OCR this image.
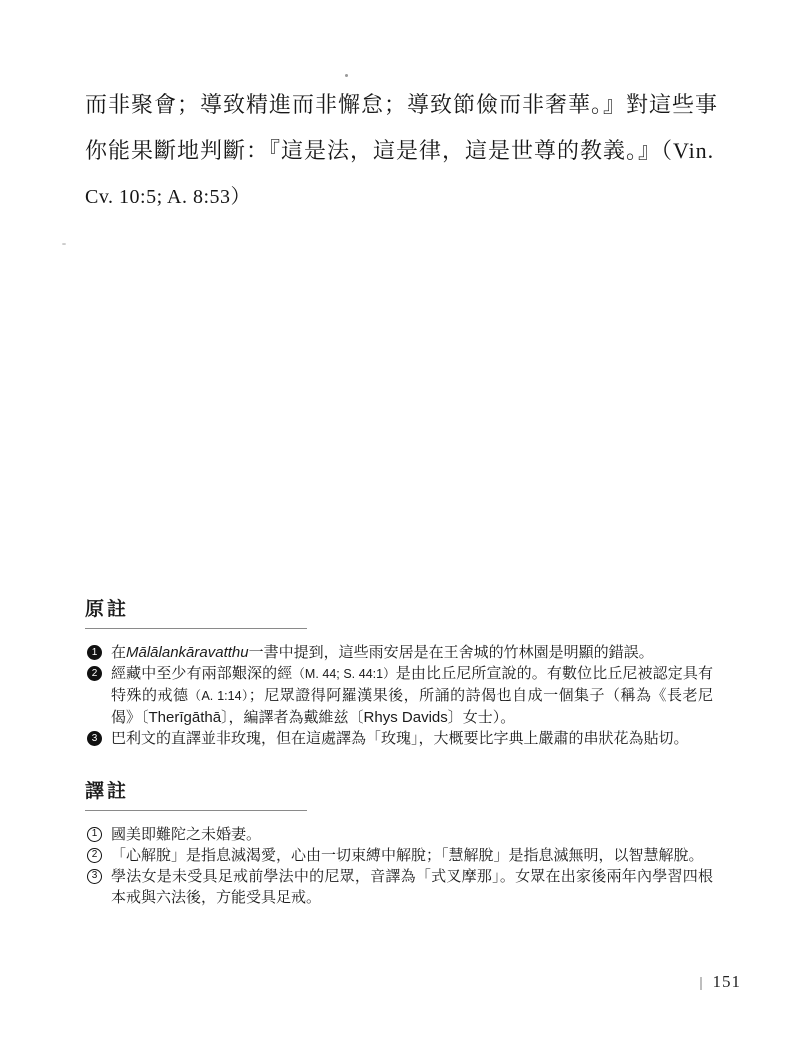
而非聚會；導致精進而非懈怠；導致節儉而非奢華。』對這些事
你能果斷地判斷：『這是法，這是律，這是世尊的教義。』（Vin.
Cv. 10:5; A. 8:53）
原註
1 在Mālālankāravatthu一書中提到，這些雨安居是在王舍城的竹林園是明顯的錯誤。
2 經藏中至少有兩部艱深的經（M. 44; S. 44:1）是由比丘尼所宣說的。有數位比丘尼被認定具有特殊的戒德（A. 1:14）；尼眾證得阿羅漢果後，所誦的詩偈也自成一個集子（稱為《長老尼偈》〔Therīgāthā〕，編譯者為戴維兹〔Rhys Davids〕女士）。
3 巴利文的直譯並非玫瑰，但在這處譯為「玫瑰」，大概要比字典上嚴肅的串狀花為貼切。
譯註
1 國美即難陀之未婚妻。
2 「心解脫」是指息滅渴愛，心由一切束縛中解脫；「慧解脫」是指息滅無明，以智慧解脫。
3 學法女是未受具足戒前學法中的尼眾，音譯為「式叉摩那」。女眾在出家後兩年內學習四根本戒與六法後，方能受具足戒。
| 151
